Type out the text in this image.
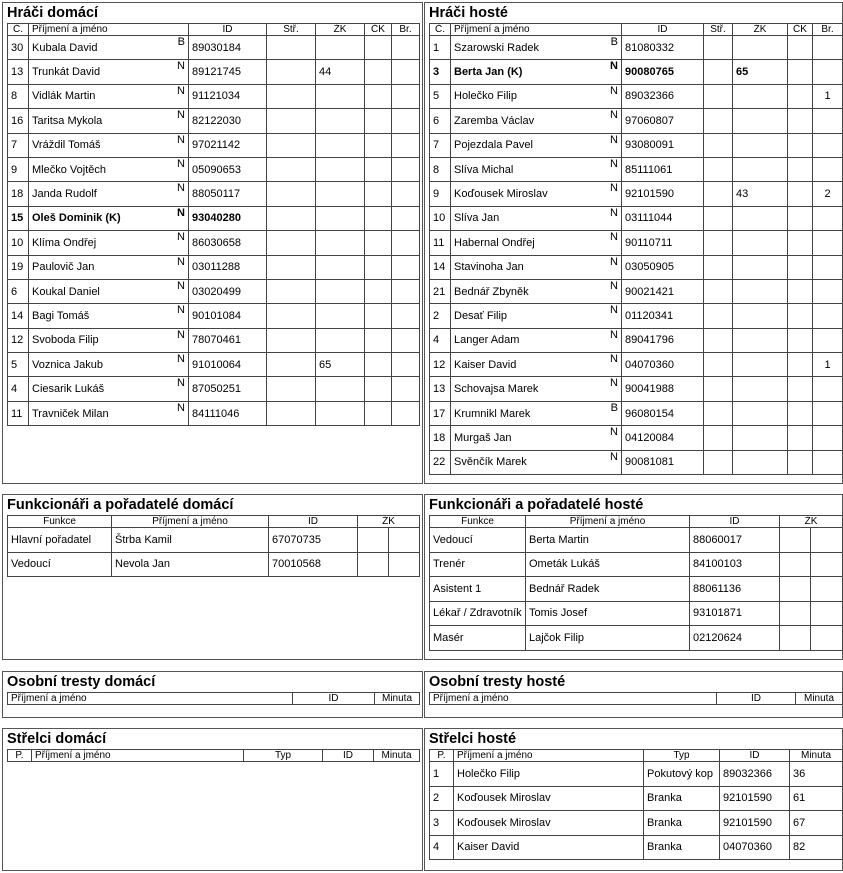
Hráči domácí
Č.	Příjmení a jméno	ID	Stř.	ŽK	ČK	Br.
30	Kubala David B	89030184				
13	Trunkát David N	89121745		44		
8	Vidlák Martin N	91121034				
16	Taritsa Mykola N	82122030				
7	Vráždil Tomáš N	97021142				
9	Mlečko Vojtěch N	05090653				
18	Janda Rudolf N	88050117				
15	Oleš Dominik (K) N	93040280				
10	Klíma Ondřej N	86030658				
19	Paulovič Jan N	03011288				
6	Koukal Daniel N	03020499				
14	Bagi Tomáš N	90101084				
12	Svoboda Filip N	78070461				
5	Voznica Jakub N	91010064		65		
4	Ciesarik Lukáš N	87050251				
11	Travniček Milan N	84111046				
Hráči hosté
Č.	Příjmení a jméno	ID	Stř.	ŽK	ČK	Br.
1	Szarowski Radek B	81080332				
3	Berta Jan (K) N	90080765		65		
5	Holečko Filip N	89032366				1
6	Zaremba Václav N	97060807				
7	Pojezdala Pavel N	93080091				
8	Slíva Michal N	85111061				
9	Koďousek Miroslav N	92101590		43		2
10	Slíva Jan N	03111044				
11	Habernal Ondřej N	90110711				
14	Stavinoha Jan N	03050905				
21	Bednář Zbyněk N	90021421				
2	Desať Filip N	01120341				
4	Langer Adam N	89041796				
12	Kaiser David N	04070360				1
13	Schovajsa Marek N	90041988				
17	Krumnikl Marek B	96080154				
18	Murgaš Jan N	04120084				
22	Svěnčík Marek N	90081081				
Funkcionáři a pořadatelé domácí
Funkce	Příjmení a jméno	ID	ŽK	
Hlavní pořadatel	Štrba Kamil	67070735		
Vedoucí	Nevola Jan	70010568		
Funkcionáři a pořadatelé hosté
Funkce	Příjmení a jméno	ID	ŽK	
Vedoucí	Berta Martin	88060017		
Trenér	Ometák Lukáš	84100103		
Asistent 1	Bednář Radek	88061136		
Lékař / Zdravotník	Tomis Josef	93101871		
Masér	Lajčok Filip	02120624		
Osobní tresty domácí
Příjmení a jméno	ID	Minuta
Osobní tresty hosté
Příjmení a jméno	ID	Minuta
Střelci domácí
P.	Příjmení a jméno	Typ	ID	Minuta
Střelci hosté
P.	Příjmení a jméno	Typ	ID	Minuta
1	Holečko Filip	Pokutový kop	89032366	36
2	Koďousek Miroslav	Branka	92101590	61
3	Koďousek Miroslav	Branka	92101590	67
4	Kaiser David	Branka	04070360	82
